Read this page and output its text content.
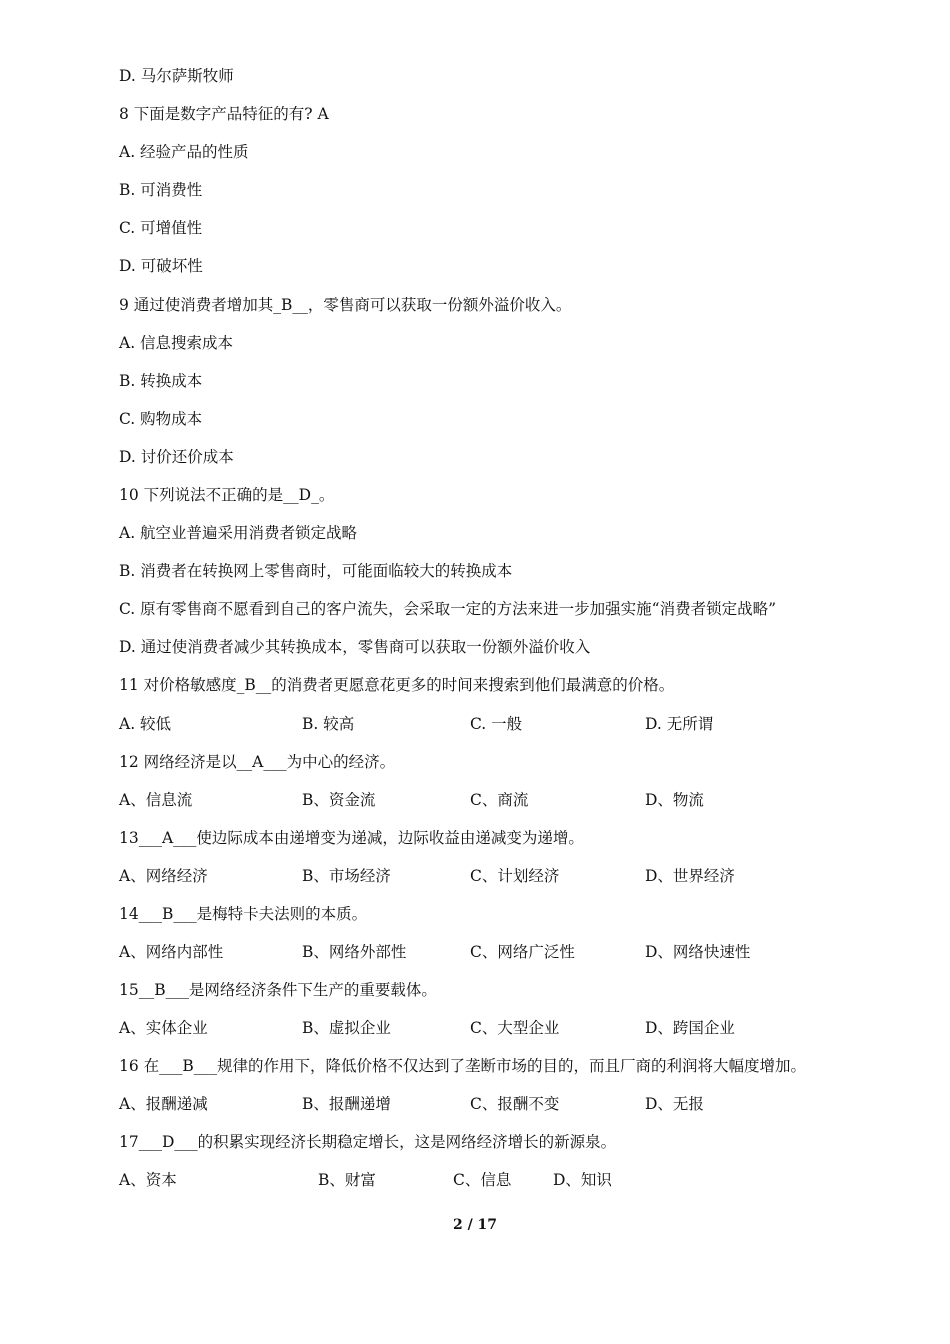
D. 马尔萨斯牧师
8 下面是数字产品特征的有? A
A. 经验产品的性质
B. 可消费性
C. 可增值性
D. 可破坏性
9 通过使消费者增加其_B__，零售商可以获取一份额外溢价收入。
A. 信息搜索成本
B. 转换成本
C. 购物成本
D. 讨价还价成本
10 下列说法不正确的是__D_。
A. 航空业普遍采用消费者锁定战略
B. 消费者在转换网上零售商时，可能面临较大的转换成本
C. 原有零售商不愿看到自己的客户流失，会采取一定的方法来进一步加强实施“消费者锁定战略”
D. 通过使消费者减少其转换成本，零售商可以获取一份额外溢价收入
11 对价格敏感度_B__的消费者更愿意花更多的时间来搜索到他们最满意的价格。
A. 较低	B. 较高	C. 一般	D. 无所谓
12 网络经济是以__A___为中心的经济。
A、信息流	B、资金流	C、商流	D、物流
13___A___使边际成本由递增变为递减，边际收益由递减变为递增。
A、网络经济	B、市场经济	C、计划经济	D、世界经济
14___B___是梅特卡夫法则的本质。
A、网络内部性	B、网络外部性	C、网络广泛性	D、网络快速性
15__B___是网络经济条件下生产的重要载体。
A、实体企业	B、虚拟企业	C、大型企业	D、跨国企业
16 在___B___规律的作用下，降低价格不仅达到了垄断市场的目的，而且厂商的利润将大幅度增加。
A、报酬递减	B、报酬递增	C、报酬不变	D、无报
17___D___的积累实现经济长期稳定增长，这是网络经济增长的新源泉。
A、资本	B、财富	C、信息	D、知识
2 / 17
